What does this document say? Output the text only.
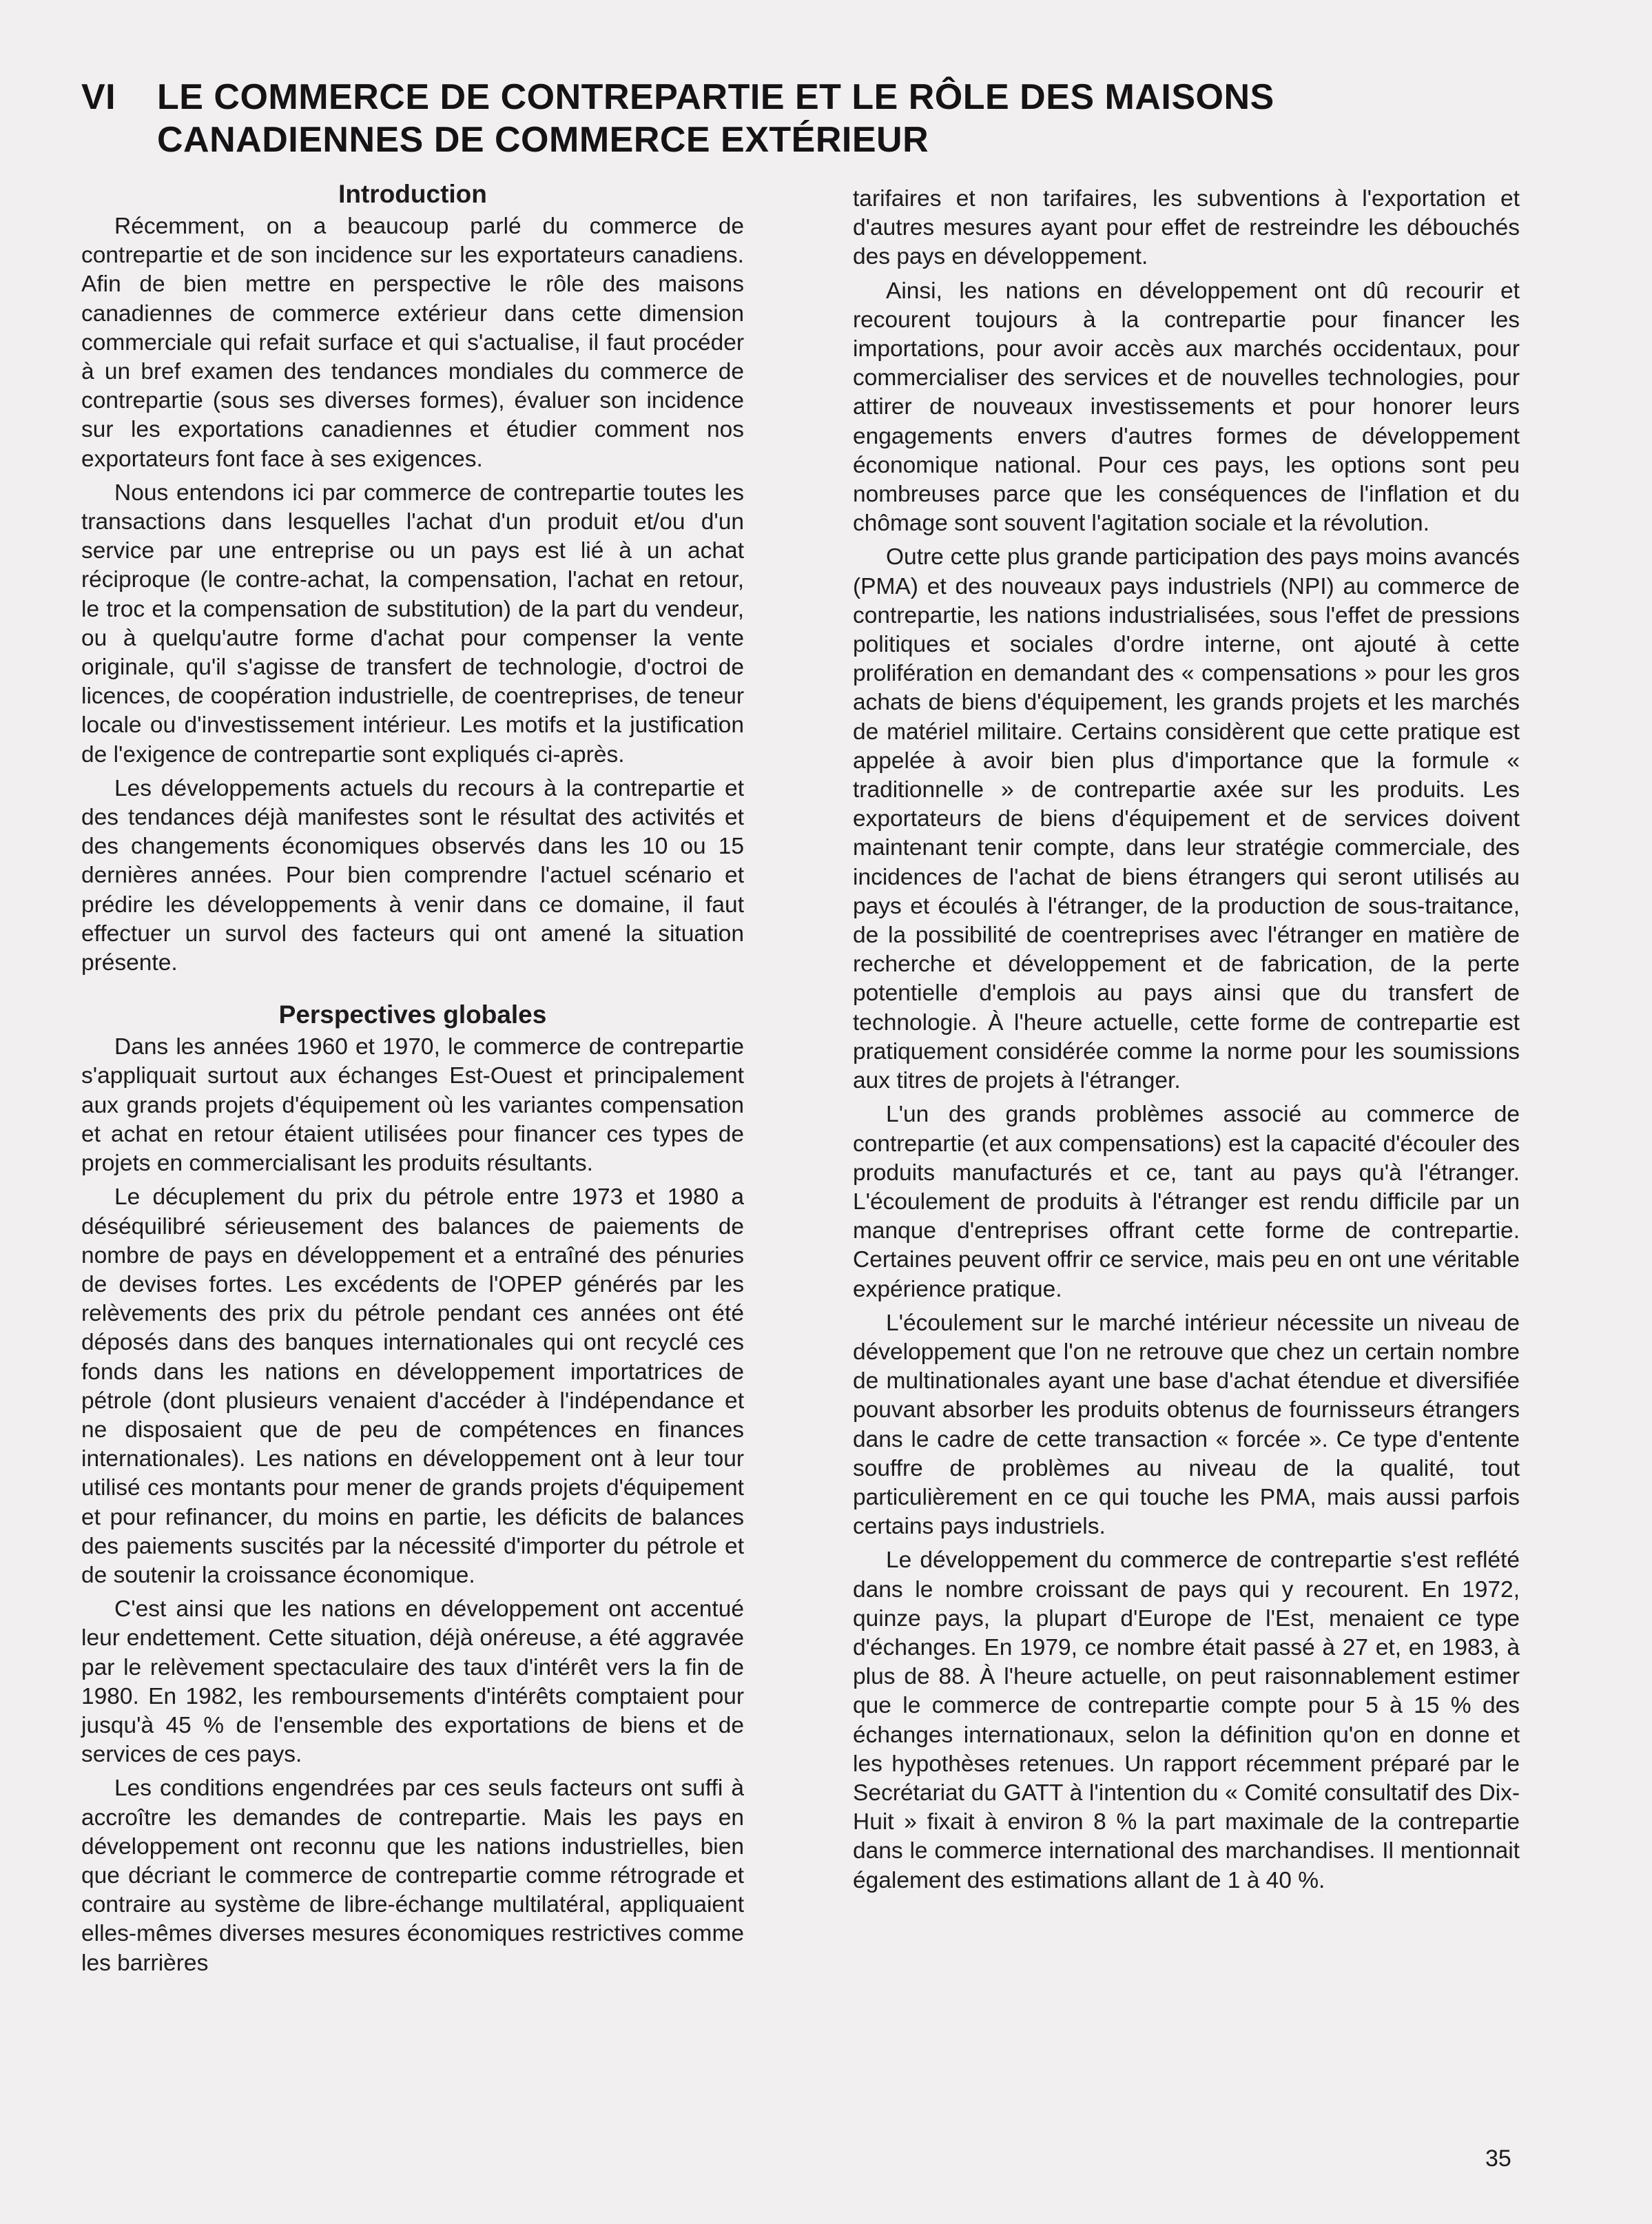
VI LE COMMERCE DE CONTREPARTIE ET LE RÔLE DES MAISONS
CANADIENNES DE COMMERCE EXTÉRIEUR
Introduction

Récemment, on a beaucoup parlé du commerce de contrepartie et de son incidence sur les exportateurs canadiens. Afin de bien mettre en perspective le rôle des maisons canadiennes de commerce extérieur dans cette dimension commerciale qui refait surface et qui s'actualise, il faut procéder à un bref examen des tendances mondiales du commerce de contrepartie (sous ses diverses formes), évaluer son incidence sur les exportations canadiennes et étudier comment nos exportateurs font face à ses exigences.

Nous entendons ici par commerce de contrepartie toutes les transactions dans lesquelles l'achat d'un produit et/ou d'un service par une entreprise ou un pays est lié à un achat réciproque (le contre-achat, la compensation, l'achat en retour, le troc et la compensation de substitution) de la part du vendeur, ou à quelqu'autre forme d'achat pour compenser la vente originale, qu'il s'agisse de transfert de technologie, d'octroi de licences, de coopération industrielle, de coentreprises, de teneur locale ou d'investissement intérieur. Les motifs et la justification de l'exigence de contrepartie sont expliqués ci-après.

Les développements actuels du recours à la contrepartie et des tendances déjà manifestes sont le résultat des activités et des changements économiques observés dans les 10 ou 15 dernières années. Pour bien comprendre l'actuel scénario et prédire les développements à venir dans ce domaine, il faut effectuer un survol des facteurs qui ont amené la situation présente.

Perspectives globales

Dans les années 1960 et 1970, le commerce de contrepartie s'appliquait surtout aux échanges Est-Ouest et principalement aux grands projets d'équipement où les variantes compensation et achat en retour étaient utilisées pour financer ces types de projets en commercialisant les produits résultants.

Le décuplement du prix du pétrole entre 1973 et 1980 a déséquilibré sérieusement des balances de paiements de nombre de pays en développement et a entraîné des pénuries de devises fortes. Les excédents de l'OPEP générés par les relèvements des prix du pétrole pendant ces années ont été déposés dans des banques internationales qui ont recyclé ces fonds dans les nations en développement importatrices de pétrole (dont plusieurs venaient d'accéder à l'indépendance et ne disposaient que de peu de compétences en finances internationales). Les nations en développement ont à leur tour utilisé ces montants pour mener de grands projets d'équipement et pour refinancer, du moins en partie, les déficits de balances des paiements suscités par la nécessité d'importer du pétrole et de soutenir la croissance économique.

C'est ainsi que les nations en développement ont accentué leur endettement. Cette situation, déjà onéreuse, a été aggravée par le relèvement spectaculaire des taux d'intérêt vers la fin de 1980. En 1982, les remboursements d'intérêts comptaient pour jusqu'à 45 % de l'ensemble des exportations de biens et de services de ces pays.

Les conditions engendrées par ces seuls facteurs ont suffi à accroître les demandes de contrepartie. Mais les pays en développement ont reconnu que les nations industrielles, bien que décriant le commerce de contrepartie comme rétrograde et contraire au système de libre-échange multilatéral, appliquaient elles-mêmes diverses mesures économiques restrictives comme les barrières

tarifaires et non tarifaires, les subventions à l'exportation et d'autres mesures ayant pour effet de restreindre les débouchés des pays en développement.

Ainsi, les nations en développement ont dû recourir et recourent toujours à la contrepartie pour financer les importations, pour avoir accès aux marchés occidentaux, pour commercialiser des services et de nouvelles technologies, pour attirer de nouveaux investissements et pour honorer leurs engagements envers d'autres formes de développement économique national. Pour ces pays, les options sont peu nombreuses parce que les conséquences de l'inflation et du chômage sont souvent l'agitation sociale et la révolution.

Outre cette plus grande participation des pays moins avancés (PMA) et des nouveaux pays industriels (NPI) au commerce de contrepartie, les nations industrialisées, sous l'effet de pressions politiques et sociales d'ordre interne, ont ajouté à cette prolifération en demandant des « compensations » pour les gros achats de biens d'équipement, les grands projets et les marchés de matériel militaire. Certains considèrent que cette pratique est appelée à avoir bien plus d'importance que la formule « traditionnelle » de contrepartie axée sur les produits. Les exportateurs de biens d'équipement et de services doivent maintenant tenir compte, dans leur stratégie commerciale, des incidences de l'achat de biens étrangers qui seront utilisés au pays et écoulés à l'étranger, de la production de sous-traitance, de la possibilité de coentreprises avec l'étranger en matière de recherche et développement et de fabrication, de la perte potentielle d'emplois au pays ainsi que du transfert de technologie. À l'heure actuelle, cette forme de contrepartie est pratiquement considérée comme la norme pour les soumissions aux titres de projets à l'étranger.

L'un des grands problèmes associé au commerce de contrepartie (et aux compensations) est la capacité d'écouler des produits manufacturés et ce, tant au pays qu'à l'étranger. L'écoulement de produits à l'étranger est rendu difficile par un manque d'entreprises offrant cette forme de contrepartie. Certaines peuvent offrir ce service, mais peu en ont une véritable expérience pratique.

L'écoulement sur le marché intérieur nécessite un niveau de développement que l'on ne retrouve que chez un certain nombre de multinationales ayant une base d'achat étendue et diversifiée pouvant absorber les produits obtenus de fournisseurs étrangers dans le cadre de cette transaction « forcée ». Ce type d'entente souffre de problèmes au niveau de la qualité, tout particulièrement en ce qui touche les PMA, mais aussi parfois certains pays industriels.

Le développement du commerce de contrepartie s'est reflété dans le nombre croissant de pays qui y recourent. En 1972, quinze pays, la plupart d'Europe de l'Est, menaient ce type d'échanges. En 1979, ce nombre était passé à 27 et, en 1983, à plus de 88. À l'heure actuelle, on peut raisonnablement estimer que le commerce de contrepartie compte pour 5 à 15 % des échanges internationaux, selon la définition qu'on en donne et les hypothèses retenues. Un rapport récemment préparé par le Secrétariat du GATT à l'intention du « Comité consultatif des Dix-Huit » fixait à environ 8 % la part maximale de la contrepartie dans le commerce international des marchandises. Il mentionnait également des estimations allant de 1 à 40 %.

35
